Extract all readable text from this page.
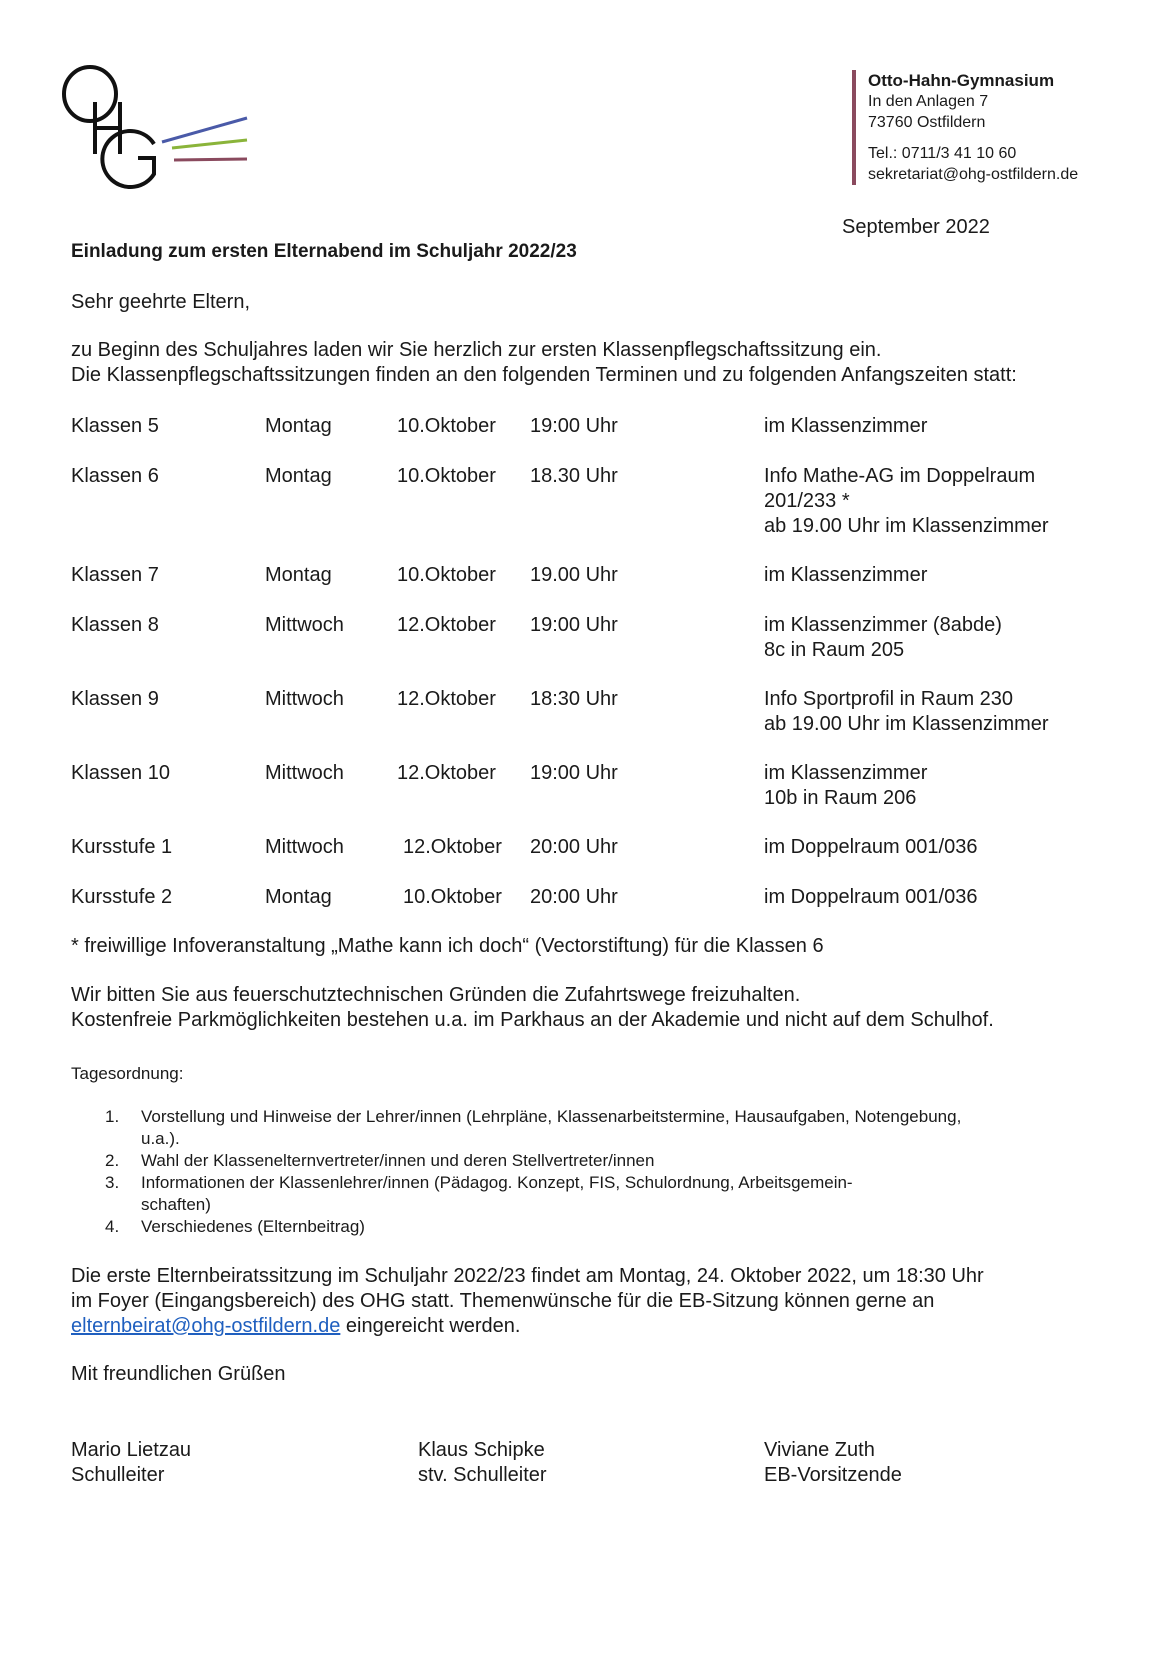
Otto-Hahn-Gymnasium
In den Anlagen 7
73760 Ostfildern
Tel.: 0711/3 41 10 60
sekretariat@ohg-ostfildern.de
September 2022
Einladung zum ersten Elternabend im Schuljahr 2022/23
Sehr geehrte Eltern,
zu Beginn des Schuljahres laden wir Sie herzlich zur ersten Klassenpflegschaftssitzung ein.
Die Klassenpflegschaftssitzungen finden an den folgenden Terminen und zu folgenden Anfangszeiten statt:
Klassen 5	Montag	10.Oktober 19:00 Uhr	im Klassenzimmer
Klassen 6	Montag	10.Oktober 18.30 Uhr	Info Mathe-AG im Doppelraum
201/233 *
ab 19.00 Uhr im Klassenzimmer
Klassen 7	Montag	10.Oktober 19.00 Uhr	im Klassenzimmer
Klassen 8	Mittwoch	12.Oktober 19:00 Uhr	im Klassenzimmer (8abde)
8c in Raum 205
Klassen 9	Mittwoch	12.Oktober 18:30 Uhr	Info Sportprofil in Raum 230
ab 19.00 Uhr im Klassenzimmer
Klassen 10	Mittwoch	12.Oktober 19:00 Uhr	im Klassenzimmer
10b in Raum 206
Kursstufe 1	Mittwoch	12.Oktober 20:00 Uhr	im Doppelraum 001/036
Kursstufe 2	Montag	10.Oktober 20:00 Uhr	im Doppelraum 001/036
* freiwillige Infoveranstaltung „Mathe kann ich doch“ (Vectorstiftung) für die Klassen 6
Wir bitten Sie aus feuerschutztechnischen Gründen die Zufahrtswege freizuhalten.
Kostenfreie Parkmöglichkeiten bestehen u.a. im Parkhaus an der Akademie und nicht auf dem Schulhof.
Tagesordnung:
1. Vorstellung und Hinweise der Lehrer/innen (Lehrpläne, Klassenarbeitstermine, Hausaufgaben, Notengebung,
u.a.).
2. Wahl der Klassenelternvertreter/innen und deren Stellvertreter/innen
3. Informationen der Klassenlehrer/innen (Pädagog. Konzept, FIS, Schulordnung, Arbeitsgemein-
schaften)
4. Verschiedenes (Elternbeitrag)
Die erste Elternbeiratssitzung im Schuljahr 2022/23 findet am Montag, 24. Oktober 2022, um 18:30 Uhr
im Foyer (Eingangsbereich) des OHG statt. Themenwünsche für die EB-Sitzung können gerne an
elternbeirat@ohg-ostfildern.de eingereicht werden.
Mit freundlichen Grüßen
Mario Lietzau
Schulleiter
Klaus Schipke
stv. Schulleiter
Viviane Zuth
EB-Vorsitzende
